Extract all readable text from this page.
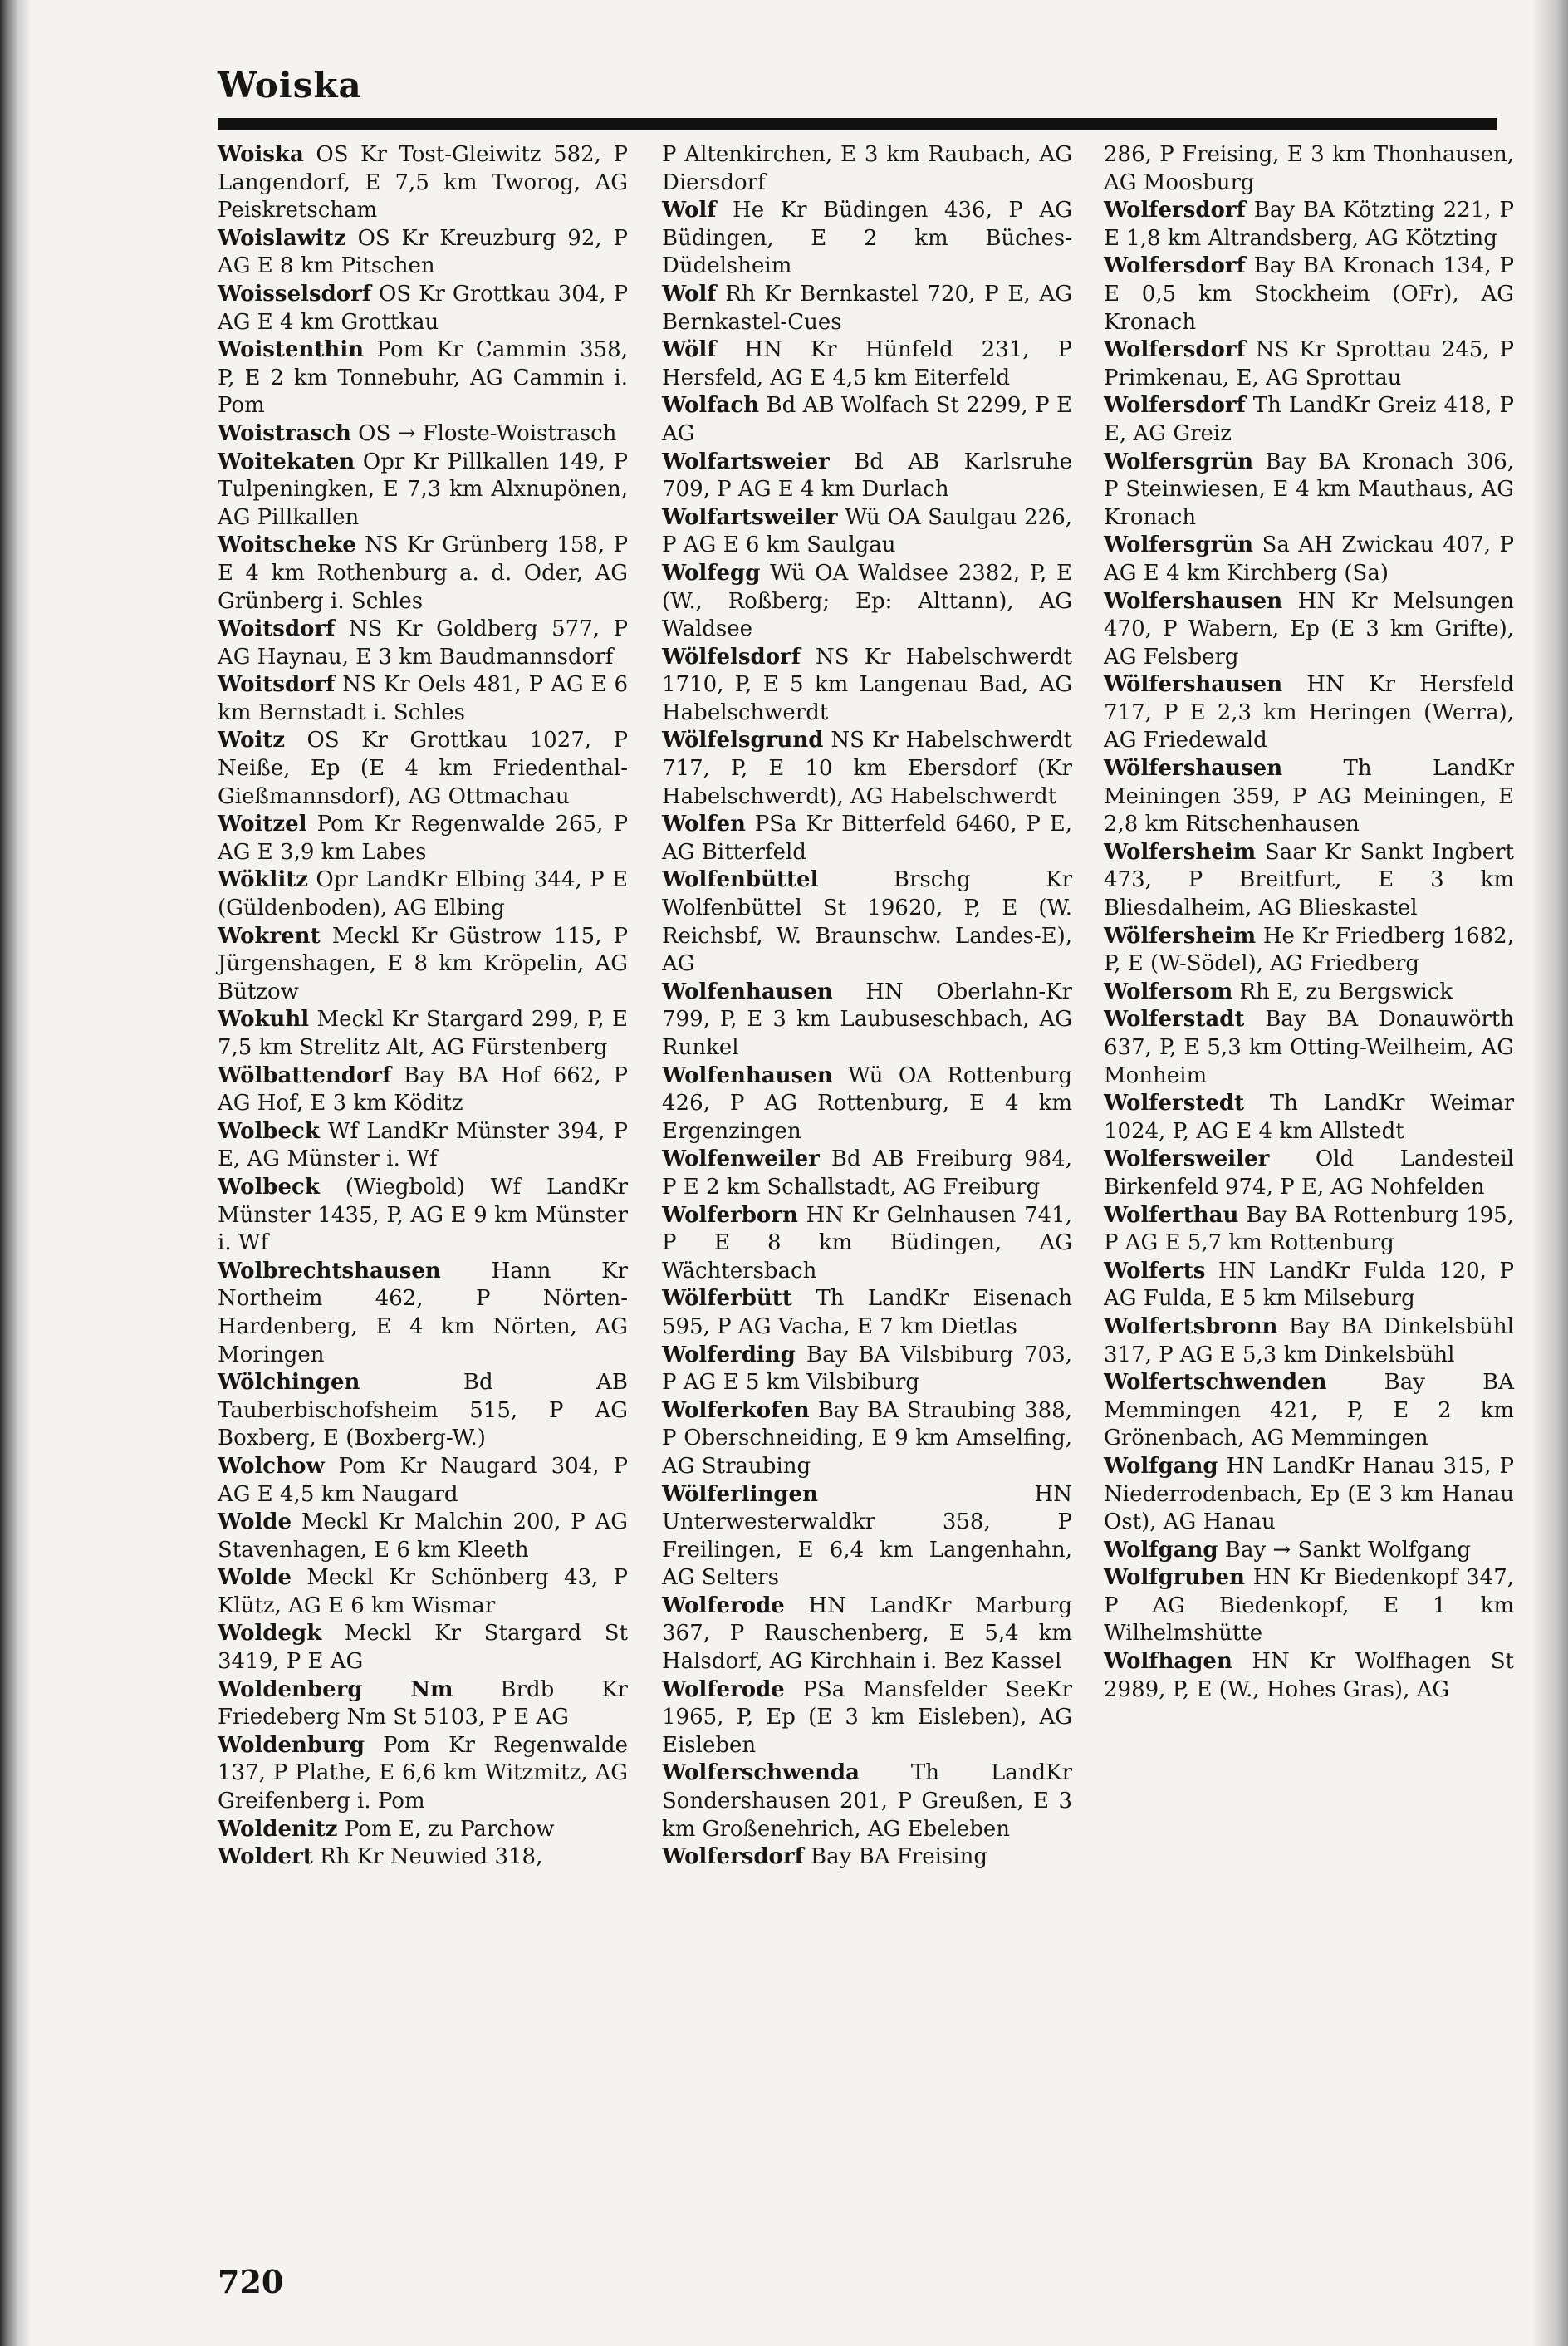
Woiska
Woiska OS Kr Tost-Gleiwitz 582, P Langendorf, E 7,5 km Tworog, AG Peiskretscham
Woislawitz OS Kr Kreuzburg 92, P AG E 8 km Pitschen
Woisselsdorf OS Kr Grottkau 304, P AG E 4 km Grottkau
Woistenthin Pom Kr Cammin 358, P, E 2 km Tonnebuhr, AG Cammin i. Pom
Woistrasch OS → Floste-Woistrasch
Woitekaten Opr Kr Pillkallen 149, P Tulpeningken, E 7,3 km Alxnupönen, AG Pillkallen
Woitscheke NS Kr Grünberg 158, P E 4 km Rothenburg a. d. Oder, AG Grünberg i. Schles
Woitsdorf NS Kr Goldberg 577, P AG Haynau, E 3 km Baudmannsdorf
Woitsdorf NS Kr Oels 481, P AG E 6 km Bernstadt i. Schles
Woitz OS Kr Grottkau 1027, P Neiße, Ep (E 4 km Friedenthal-Gießmannsdorf), AG Ottmachau
Woitzel Pom Kr Regenwalde 265, P AG E 3,9 km Labes
Wöklitz Opr LandKr Elbing 344, P E (Güldenboden), AG Elbing
Wokrent Meckl Kr Güstrow 115, P Jürgenshagen, E 8 km Kröpelin, AG Bützow
Wokuhl Meckl Kr Stargard 299, P, E 7,5 km Strelitz Alt, AG Fürstenberg
Wölbattendorf Bay BA Hof 662, P AG Hof, E 3 km Köditz
Wolbeck Wf LandKr Münster 394, P E, AG Münster i. Wf
Wolbeck (Wiegbold) Wf LandKr Münster 1435, P, AG E 9 km Münster i. Wf
Wolbrechtshausen Hann Kr Northeim 462, P Nörten-Hardenberg, E 4 km Nörten, AG Moringen
Wölchingen Bd AB Tauberbischofsheim 515, P AG Boxberg, E (Boxberg-W.)
Wolchow Pom Kr Naugard 304, P AG E 4,5 km Naugard
Wolde Meckl Kr Malchin 200, P AG Stavenhagen, E 6 km Kleeth
Wolde Meckl Kr Schönberg 43, P Klütz, AG E 6 km Wismar
Woldegk Meckl Kr Stargard St 3419, P E AG
Woldenberg Nm Brdb Kr Friedeberg Nm St 5103, P E AG
Woldenburg Pom Kr Regenwalde 137, P Plathe, E 6,6 km Witzmitz, AG Greifenberg i. Pom
Woldenitz Pom E, zu Parchow
Woldert Rh Kr Neuwied 318,
P Altenkirchen, E 3 km Raubach, AG Diersdorf
Wolf He Kr Büdingen 436, P AG Büdingen, E 2 km Büches-Düdelsheim
Wolf Rh Kr Bernkastel 720, P E, AG Bernkastel-Cues
Wölf HN Kr Hünfeld 231, P Hersfeld, AG E 4,5 km Eiterfeld
Wolfach Bd AB Wolfach St 2299, P E AG
Wolfartsweier Bd AB Karlsruhe 709, P AG E 4 km Durlach
Wolfartsweiler Wü OA Saulgau 226, P AG E 6 km Saulgau
Wolfegg Wü OA Waldsee 2382, P, E (W., Roßberg; Ep: Alttann), AG Waldsee
Wölfelsdorf NS Kr Habelschwerdt 1710, P, E 5 km Langenau Bad, AG Habelschwerdt
Wölfelsgrund NS Kr Habelschwerdt 717, P, E 10 km Ebersdorf (Kr Habelschwerdt), AG Habelschwerdt
Wolfen PSa Kr Bitterfeld 6460, P E, AG Bitterfeld
Wolfenbüttel Brschg Kr Wolfenbüttel St 19620, P, E (W. Reichsbf, W. Braunschw. Landes-E), AG
Wolfenhausen HN Oberlahn-Kr 799, P, E 3 km Laubuseschbach, AG Runkel
Wolfenhausen Wü OA Rottenburg 426, P AG Rottenburg, E 4 km Ergenzingen
Wolfenweiler Bd AB Freiburg 984, P E 2 km Schallstadt, AG Freiburg
Wolferborn HN Kr Gelnhausen 741, P E 8 km Büdingen, AG Wächtersbach
Wölferbütt Th LandKr Eisenach 595, P AG Vacha, E 7 km Dietlas
Wolferding Bay BA Vilsbiburg 703, P AG E 5 km Vilsbiburg
Wolferkofen Bay BA Straubing 388, P Oberschneiding, E 9 km Amselfing, AG Straubing
Wölferlingen HN Unterwesterwaldkr 358, P Freilingen, E 6,4 km Langenhahn, AG Selters
Wolferode HN LandKr Marburg 367, P Rauschenberg, E 5,4 km Halsdorf, AG Kirchhain i. Bez Kassel
Wolferode PSa Mansfelder SeeKr 1965, P, Ep (E 3 km Eisleben), AG Eisleben
Wolferschwenda Th LandKr Sondershausen 201, P Greußen, E 3 km Großenehrich, AG Ebeleben
Wolfersdorf Bay BA Freising
286, P Freising, E 3 km Thonhausen, AG Moosburg
Wolfersdorf Bay BA Kötzting 221, P E 1,8 km Altrandsberg, AG Kötzting
Wolfersdorf Bay BA Kronach 134, P E 0,5 km Stockheim (OFr), AG Kronach
Wolfersdorf NS Kr Sprottau 245, P Primkenau, E, AG Sprottau
Wolfersdorf Th LandKr Greiz 418, P E, AG Greiz
Wolfersgrün Bay BA Kronach 306, P Steinwiesen, E 4 km Mauthaus, AG Kronach
Wolfersgrün Sa AH Zwickau 407, P AG E 4 km Kirchberg (Sa)
Wolfershausen HN Kr Melsungen 470, P Wabern, Ep (E 3 km Grifte), AG Felsberg
Wölfershausen HN Kr Hersfeld 717, P E 2,3 km Heringen (Werra), AG Friedewald
Wölfershausen Th LandKr Meiningen 359, P AG Meiningen, E 2,8 km Ritschenhausen
Wolfersheim Saar Kr Sankt Ingbert 473, P Breitfurt, E 3 km Bliesdalheim, AG Blieskastel
Wölfersheim He Kr Friedberg 1682, P, E (W-Södel), AG Friedberg
Wolfersom Rh E, zu Bergswick
Wolferstadt Bay BA Donauwörth 637, P, E 5,3 km Otting-Weilheim, AG Monheim
Wolferstedt Th LandKr Weimar 1024, P, AG E 4 km Allstedt
Wolfersweiler Old Landesteil Birkenfeld 974, P E, AG Nohfelden
Wolferthau Bay BA Rottenburg 195, P AG E 5,7 km Rottenburg
Wolferts HN LandKr Fulda 120, P AG Fulda, E 5 km Milseburg
Wolfertsbronn Bay BA Dinkelsbühl 317, P AG E 5,3 km Dinkelsbühl
Wolfertschwenden Bay BA Memmingen 421, P, E 2 km Grönenbach, AG Memmingen
Wolfgang HN LandKr Hanau 315, P Niederrodenbach, Ep (E 3 km Hanau Ost), AG Hanau
Wolfgang Bay → Sankt Wolfgang
Wolfgruben HN Kr Biedenkopf 347, P AG Biedenkopf, E 1 km Wilhelmshütte
Wolfhagen HN Kr Wolfhagen St 2989, P, E (W., Hohes Gras), AG
720
